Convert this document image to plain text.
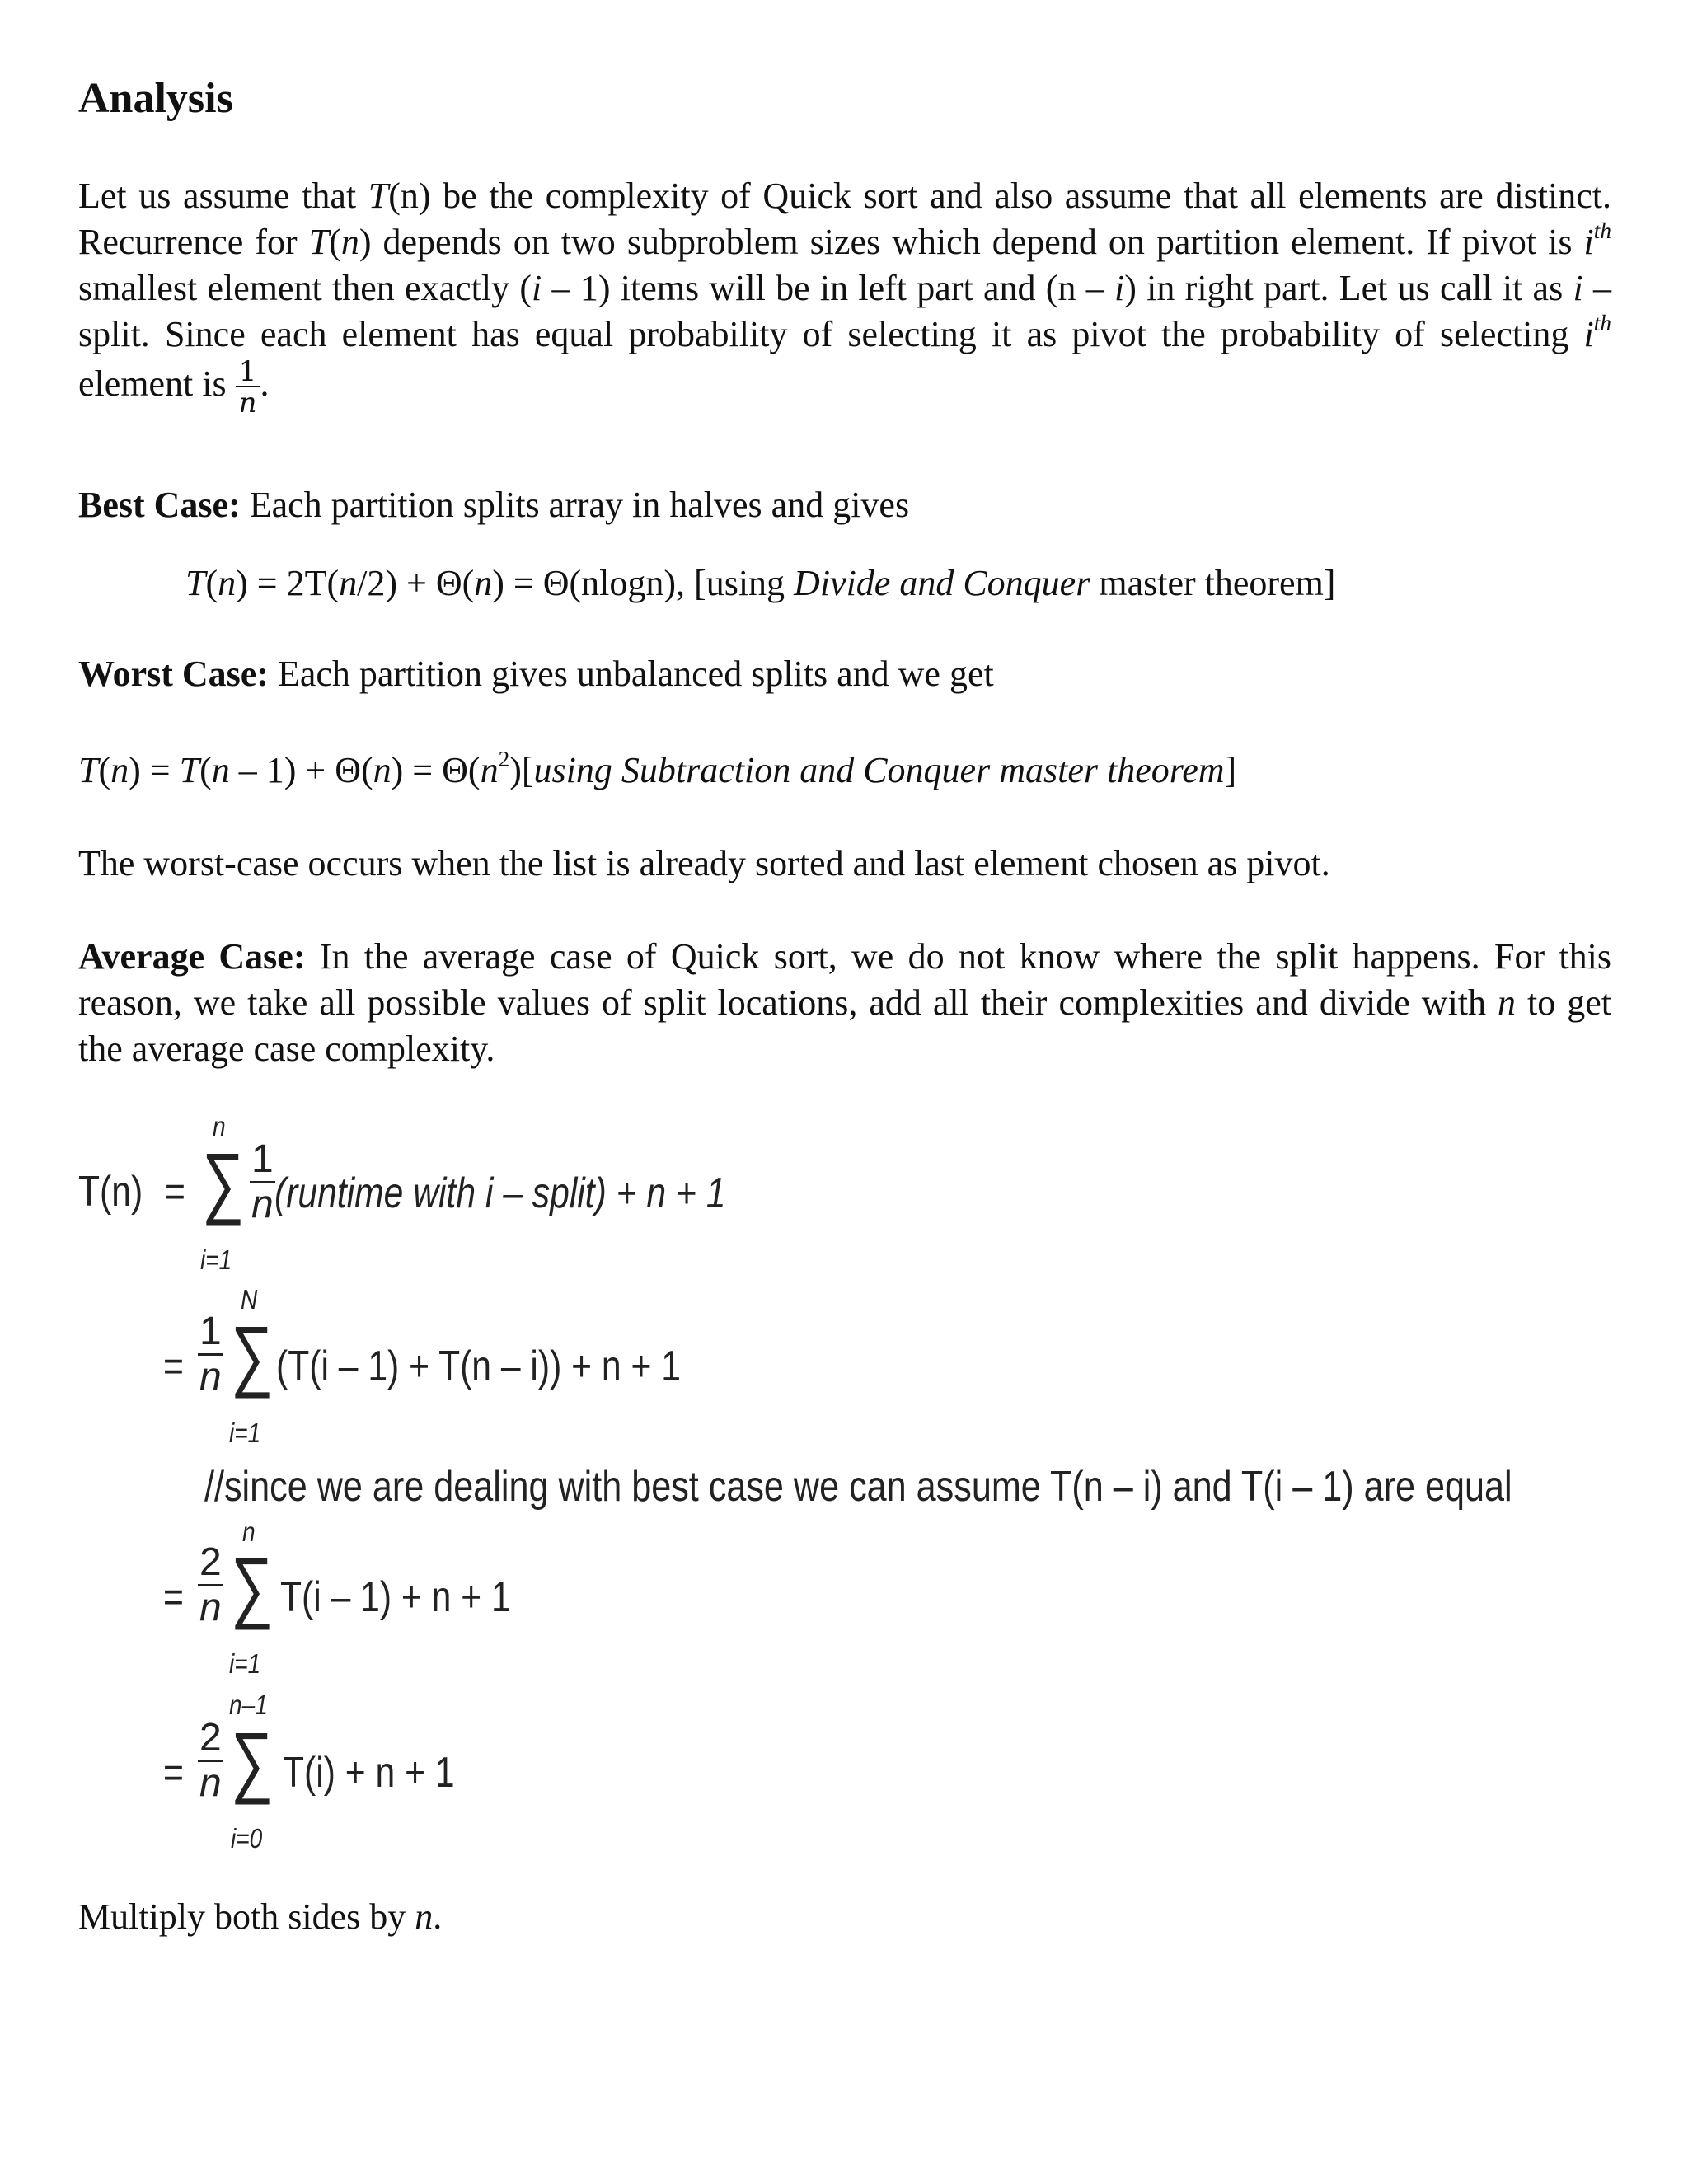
Analysis

Let us assume that T(n) be the complexity of Quick sort and also assume that all elements are distinct. Recurrence for T(n) depends on two subproblem sizes which depend on partition element. If pivot is $i^{th}$ smallest element then exactly (i – 1) items will be in left part and (n – i) in right part. Let us call it as i –split. Since each element has equal probability of selecting it as pivot the probability of selecting $i^{th}$ element is $\frac{1}{n}$ .

Best Case: Each partition splits array in halves and gives

T(n) = 2T(n/2) + Θ(n) = Θ(nlogn), [using Divide and Conquer master theorem]

Worst Case: Each partition gives unbalanced splits and we get

$T(n) = T(n - 1) + \Theta(n) = \Theta(n^2)[using$ Subtraction and Conquer master theorem]

The worst-case occurs when the list is already sorted and last element chosen as pivot.

Average Case: In the average case of Quick sort, we do not know where the split happens. For this reason, we take all possible values of split locations, add all their complexities and divide with n to get the average case complexity.

T(n) =
n
∑
i=1
$\frac{1}{n}$ (runtime with i – split) + n + 1
= $\frac{1}{n}$
N
∑
i=1
(T(i – 1) + T(n – i)) + n + 1
//since we are dealing with best case we can assume T(n – i) and T(i – 1) are equal
= $\frac{2}{n}$
n
∑
i=1
T(i – 1) + n + 1
= $\frac{2}{n}$
n–1
∑
i=0
T(i) + n + 1

Multiply both sides by n.
